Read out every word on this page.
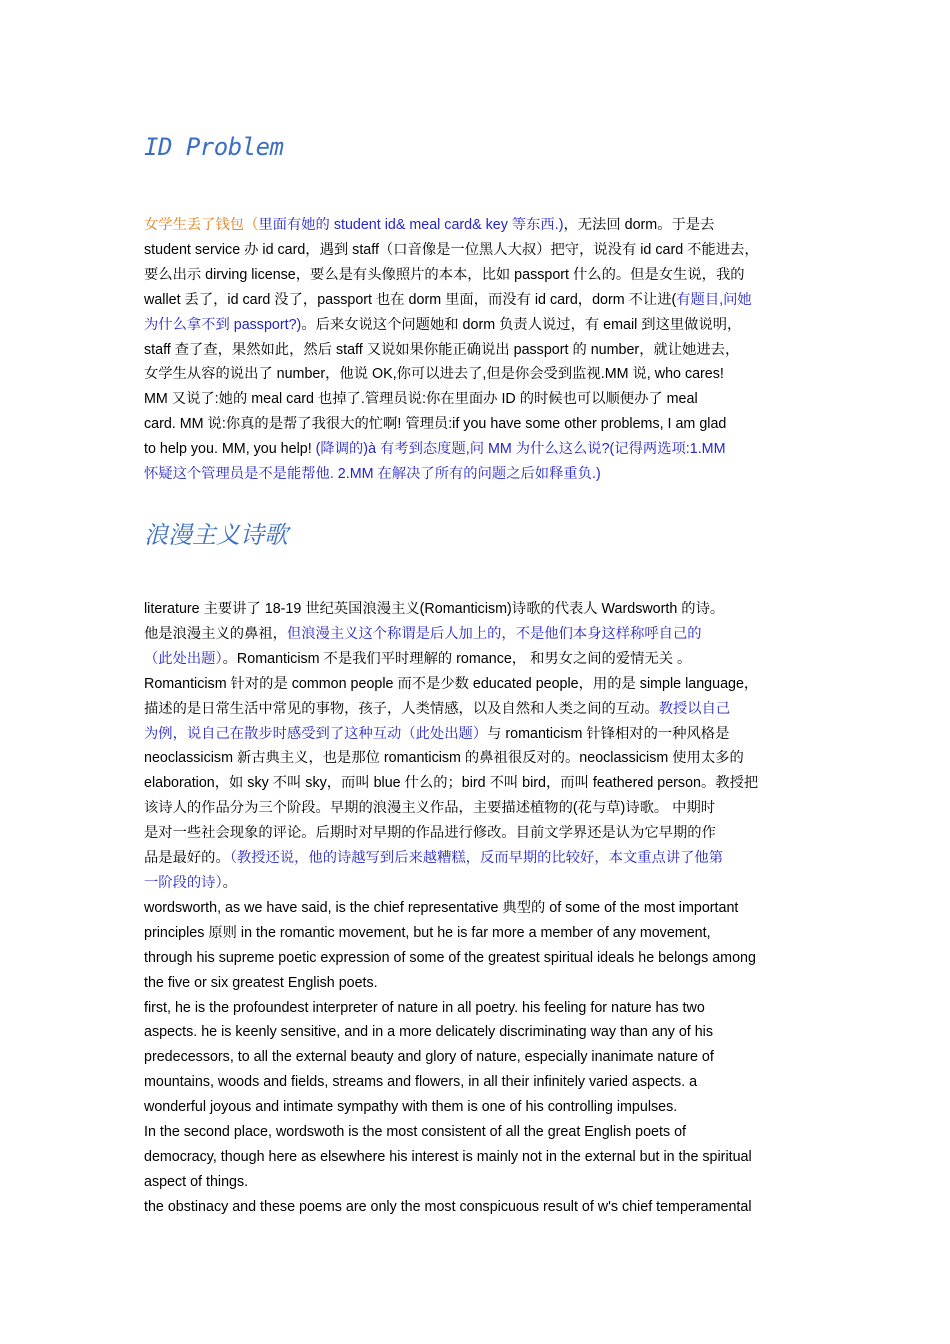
ID Problem
女学生丢了钱包（里面有她的 student id& meal card& key 等东西.)，无法回 dorm。于是去
student service 办 id card，遇到 staff（口音像是一位黑人大叔）把守，说没有 id card 不能进去，
要么出示 dirving license，要么是有头像照片的本本，比如 passport 什么的。但是女生说，我的
wallet 丢了，id card 没了，passport 也在 dorm 里面，而没有 id card，dorm 不让进(有题目,问她
为什么拿不到 passport?)。后来女说这个问题她和 dorm 负责人说过，有 email 到这里做说明，
staff 查了查，果然如此，然后 staff 又说如果你能正确说出 passport 的 number，就让她进去，
女学生从容的说出了 number，他说 OK,你可以进去了,但是你会受到监视.MM 说, who cares!
MM 又说了:她的 meal card 也掉了.管理员说:你在里面办 ID 的时候也可以顺便办了 meal
card. MM 说:你真的是帮了我很大的忙啊! 管理员:if you have some other problems, I am glad
to help you. MM, you help! (降调的)à 有考到态度题,问 MM 为什么这么说?(记得两选项:1.MM
怀疑这个管理员是不是能帮他. 2.MM 在解决了所有的问题之后如释重负.)
浪漫主义诗歌
literature 主要讲了 18-19 世纪英国浪漫主义(Romanticism)诗歌的代表人 Wardsworth 的诗。
他是浪漫主义的鼻祖，但浪漫主义这个称谓是后人加上的，不是他们本身这样称呼自己的
（此处出题）。Romanticism 不是我们平时理解的 romance， 和男女之间的爱情无关 。
Romanticism 针对的是 common people 而不是少数 educated people，用的是 simple language，
描述的是日常生活中常见的事物，孩子，人类情感，以及自然和人类之间的互动。教授以自己
为例，说自己在散步时感受到了这种互动（此处出题）与 romanticism 针锋相对的一种风格是
neoclassicism 新古典主义，也是那位 romanticism 的鼻祖很反对的。neoclassicism 使用太多的
elaboration，如 sky 不叫 sky，而叫 blue 什么的；bird 不叫 bird，而叫 feathered person。教授把
该诗人的作品分为三个阶段。早期的浪漫主义作品，主要描述植物的(花与草)诗歌。 中期时
是对一些社会现象的评论。后期时对早期的作品进行修改。目前文学界还是认为它早期的作
品是最好的。（教授还说，他的诗越写到后来越糟糕，反而早期的比较好，本文重点讲了他第
一阶段的诗）。
wordsworth, as we have said, is the chief representative 典型的 of some of the most important
principles 原则 in the romantic movement, but he is far more a member of any movement,
through his supreme poetic expression of some of the greatest spiritual ideals he belongs among
the five or six greatest English poets.
first, he is the profoundest interpreter of nature in all poetry. his feeling for nature has two
aspects. he is keenly sensitive, and in a more delicately discriminating way than any of his
predecessors, to all the external beauty and glory of nature, especially inanimate nature of
mountains, woods and fields, streams and flowers, in all their infinitely varied aspects. a
wonderful joyous and intimate sympathy with them is one of his controlling impulses.
In the second place, wordswoth is the most consistent of all the great English poets of
democracy, though here as elsewhere his interest is mainly not in the external but in the spiritual
aspect of things.
the obstinacy and these poems are only the most conspicuous result of w's chief temperamental
